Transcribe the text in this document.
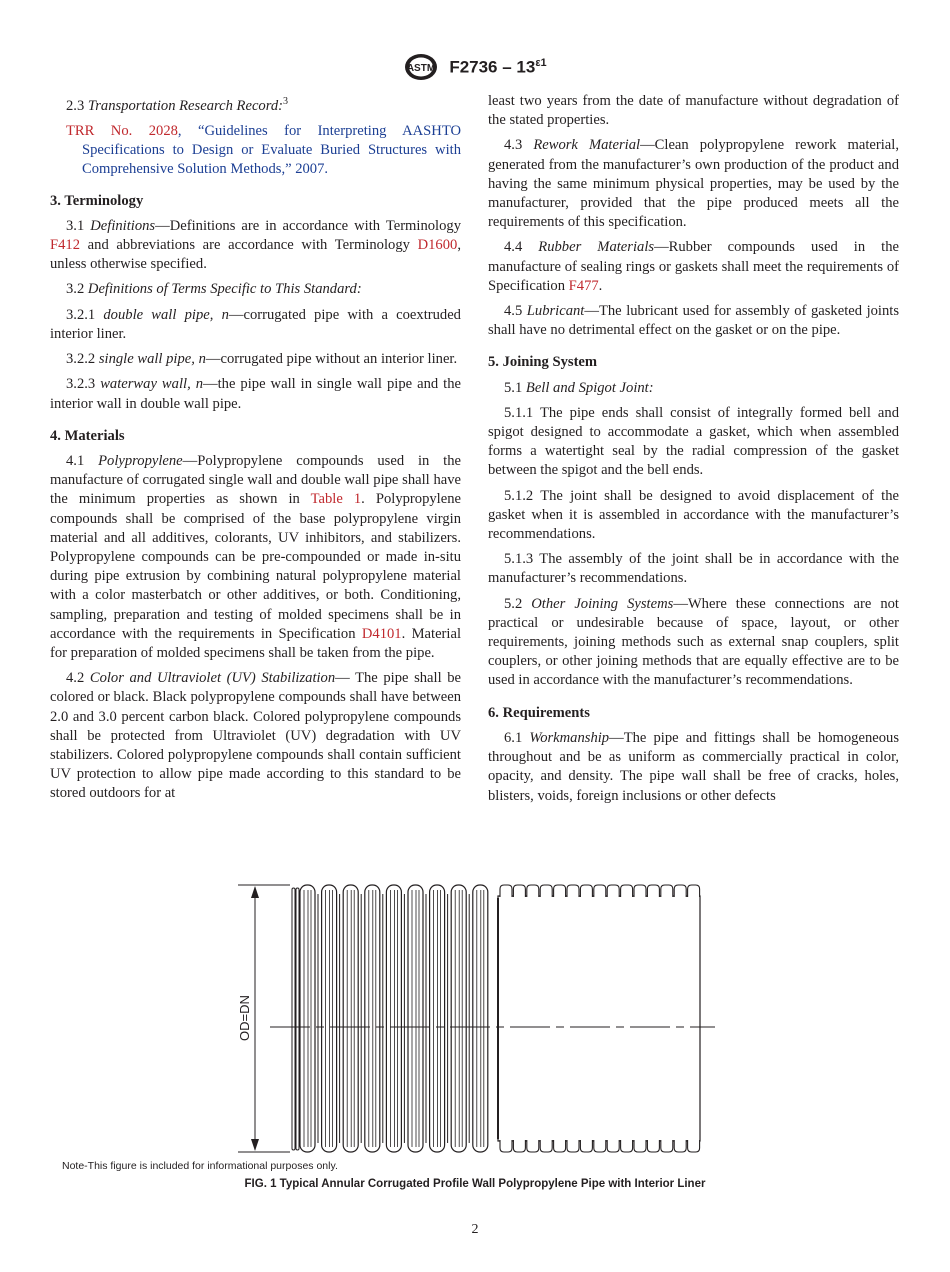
ASTM $F2736 - 13^{\varepsilon 1}$

2.3 Transportation Research Record:$^3$

TRR No. 2028, “Guidelines for Interpreting AASHTO Specifications to Design or Evaluate Buried Structures with Comprehensive Solution Methods,” 2007.

3. Terminology

3.1 Definitions—Definitions are in accordance with Terminology F412 and abbreviations are accordance with Terminology D1600, unless otherwise specified.

3.2 Definitions of Terms Specific to This Standard:

3.2.1 double wall pipe, n—corrugated pipe with a coextruded interior liner.

3.2.2 single wall pipe, n—corrugated pipe without an interior liner.

3.2.3 waterway wall, n—the pipe wall in single wall pipe and the interior wall in double wall pipe.

4. Materials

4.1 Polypropylene—Polypropylene compounds used in the manufacture of corrugated single wall and double wall pipe shall have the minimum properties as shown in Table 1. Polypropylene compounds shall be comprised of the base polypropylene virgin material and all additives, colorants, UV inhibitors, and stabilizers. Polypropylene compounds can be pre-compounded or made in-situ during pipe extrusion by combining natural polypropylene material with a color masterbatch or other additives, or both. Conditioning, sampling, preparation and testing of molded specimens shall be in accordance with the requirements in Specification D4101. Material for preparation of molded specimens shall be taken from the pipe.

4.2 Color and Ultraviolet (UV) Stabilization— The pipe shall be colored or black. Black polypropylene compounds shall have between 2.0 and 3.0 percent carbon black. Colored polypropylene compounds shall be protected from Ultraviolet (UV) degradation with UV stabilizers. Colored polypropylene compounds shall contain sufficient UV protection to allow pipe made according to this standard to be stored outdoors for at

least two years from the date of manufacture without degradation of the stated properties.

4.3 Rework Material—Clean polypropylene rework material, generated from the manufacturer’s own production of the product and having the same minimum physical properties, may be used by the manufacturer, provided that the pipe produced meets all the requirements of this specification.

4.4 Rubber Materials—Rubber compounds used in the manufacture of sealing rings or gaskets shall meet the requirements of Specification F477.

4.5 Lubricant—The lubricant used for assembly of gasketed joints shall have no detrimental effect on the gasket or on the pipe.

5. Joining System

5.1 Bell and Spigot Joint:

5.1.1 The pipe ends shall consist of integrally formed bell and spigot designed to accommodate a gasket, which when assembled forms a watertight seal by the radial compression of the gasket between the spigot and the bell ends.

5.1.2 The joint shall be designed to avoid displacement of the gasket when it is assembled in accordance with the manufacturer’s recommendations.

5.1.3 The assembly of the joint shall be in accordance with the manufacturer’s recommendations.

5.2 Other Joining Systems—Where these connections are not practical or undesirable because of space, layout, or other requirements, joining methods such as external snap couplers, split couplers, or other joining methods that are equally effective are to be used in accordance with the manufacturer’s recommendations.

6. Requirements

6.1 Workmanship—The pipe and fittings shall be homogeneous throughout and be as uniform as commercially practical in color, opacity, and density. The pipe wall shall be free of cracks, holes, blisters, voids, foreign inclusions or other defects

OD=DN
Note-This figure is included for informational purposes only.
FIG. 1 Typical Annular Corrugated Profile Wall Polypropylene Pipe with Interior Liner
2
